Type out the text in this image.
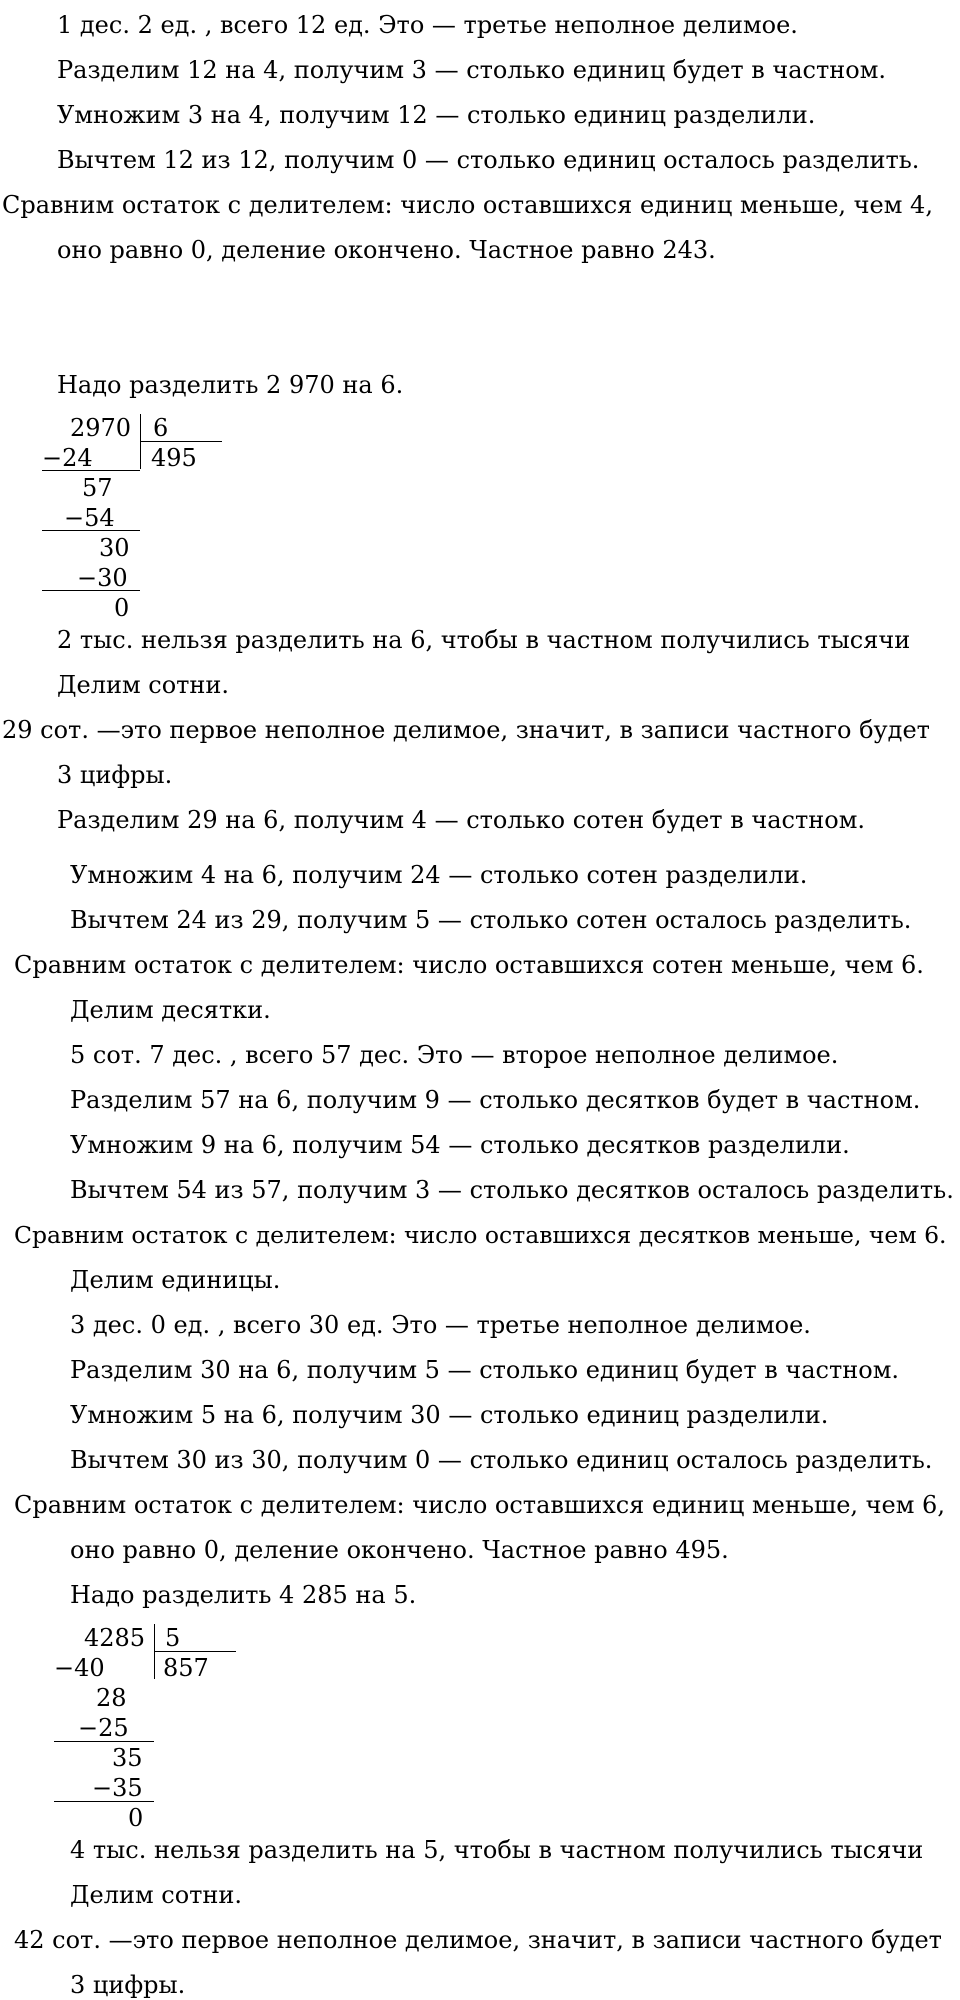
1 дес. 2 ед. , всего 12 ед. Это — третье неполное делимое.

Разделим 12 на 4, получим 3 — столько единиц будет в частном.

Умножим 3 на 4, получим 12 — столько единиц разделили.

Вычтем 12 из 12, получим 0 — столько единиц осталось разделить.

Сравним остаток с делителем: число оставшихся единиц меньше, чем 4,

оно равно 0, деление окончено. Частное равно 243.

Надо разделить 2 970 на 6.

2970 6
495
−24
57
−54
30
−30
0

2 тыс. нельзя разделить на 6, чтобы в частном получились тысячи

Делим сотни.

29 сот. —это первое неполное делимое, значит, в записи частного будет

3 цифры.

Разделим 29 на 6, получим 4 — столько сотен будет в частном.

Умножим 4 на 6, получим 24 — столько сотен разделили.

Вычтем 24 из 29, получим 5 — столько сотен осталось разделить.

Сравним остаток с делителем: число оставшихся сотен меньше, чем 6.

Делим десятки.

5 сот. 7 дес. , всего 57 дес. Это — второе неполное делимое.

Разделим 57 на 6, получим 9 — столько десятков будет в частном.

Умножим 9 на 6, получим 54 — столько десятков разделили.

Вычтем 54 из 57, получим 3 — столько десятков осталось разделить.

Сравним остаток с делителем: число оставшихся десятков меньше, чем 6.

Делим единицы.

3 дес. 0 ед. , всего 30 ед. Это — третье неполное делимое.

Разделим 30 на 6, получим 5 — столько единиц будет в частном.

Умножим 5 на 6, получим 30 — столько единиц разделили.

Вычтем 30 из 30, получим 0 — столько единиц осталось разделить.

Сравним остаток с делителем: число оставшихся единиц меньше, чем 6,

оно равно 0, деление окончено. Частное равно 495.

Надо разделить 4 285 на 5.

4285 5
857
−40
28
−25
35
−35
0

4 тыс. нельзя разделить на 5, чтобы в частном получились тысячи

Делим сотни.

42 сот. —это первое неполное делимое, значит, в записи частного будет

3 цифры.
